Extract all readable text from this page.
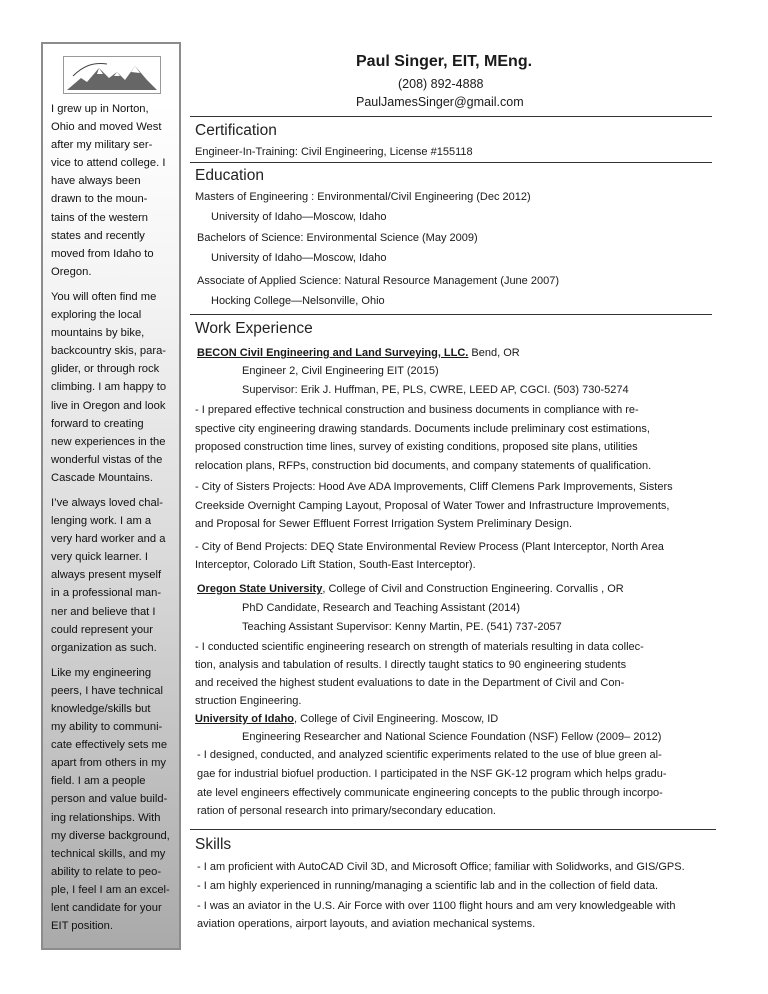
I grew up in Norton,
Ohio and moved West
after my military ser-
vice to attend college. I
have always been
drawn to the moun-
tains of the western
states and recently
moved from Idaho to
Oregon.

You will often find me
exploring the local
mountains by bike,
backcountry skis, para-
glider, or through rock
climbing. I am happy to
live in Oregon and look
forward to creating
new experiences in the
wonderful vistas of the
Cascade Mountains.

I’ve always loved chal-
lenging work. I am a
very hard worker and a
very quick learner. I
always present myself
in a professional man-
ner and believe that I
could represent your
organization as such.

Like my engineering
peers, I have technical
knowledge/skills but
my ability to communi-
cate effectively sets me
apart from others in my
field. I am a people
person and value build-
ing relationships. With
my diverse background,
technical skills, and my
ability to relate to peo-
ple, I feel I am an excel-
lent candidate for your
EIT position.

Paul Singer, EIT, MEng.
(208) 892-4888
PaulJamesSinger@gmail.com
Certification
Engineer-In-Training: Civil Engineering, License #155118
Education
Masters of Engineering : Environmental/Civil Engineering (Dec 2012)
University of Idaho—Moscow, Idaho
Bachelors of Science: Environmental Science (May 2009)
University of Idaho—Moscow, Idaho
Associate of Applied Science: Natural Resource Management (June 2007)
Hocking College—Nelsonville, Ohio
Work Experience
BECON Civil Engineering and Land Surveying, LLC. Bend, OR
Engineer 2, Civil Engineering EIT (2015)
Supervisor: Erik J. Huffman, PE, PLS, CWRE, LEED AP, CGCI. (503) 730-5274
- I prepared effective technical construction and business documents in compliance with re-
spective city engineering drawing standards. Documents include preliminary cost estimations,
proposed construction time lines, survey of existing conditions, proposed site plans, utilities
relocation plans, RFPs, construction bid documents, and company statements of qualification.
- City of Sisters Projects: Hood Ave ADA Improvements, Cliff Clemens Park Improvements, Sisters
Creekside Overnight Camping Layout, Proposal of Water Tower and Infrastructure Improvements,
and Proposal for Sewer Effluent Forrest Irrigation System Preliminary Design.
- City of Bend Projects: DEQ State Environmental Review Process (Plant Interceptor, North Area
Interceptor, Colorado Lift Station, South-East Interceptor).
Oregon State University, College of Civil and Construction Engineering. Corvallis , OR
PhD Candidate, Research and Teaching Assistant (2014)
Teaching Assistant Supervisor: Kenny Martin, PE. (541) 737-2057
- I conducted scientific engineering research on strength of materials resulting in data collec-
tion, analysis and tabulation of results. I directly taught statics to 90 engineering students
and received the highest student evaluations to date in the Department of Civil and Con-
struction Engineering.
University of Idaho, College of Civil Engineering. Moscow, ID
Engineering Researcher and National Science Foundation (NSF) Fellow (2009– 2012)
- I designed, conducted, and analyzed scientific experiments related to the use of blue green al-
gae for industrial biofuel production. I participated in the NSF GK-12 program which helps gradu-
ate level engineers effectively communicate engineering concepts to the public through incorpo-
ration of personal research into primary/secondary education.
Skills
- I am proficient with AutoCAD Civil 3D, and Microsoft Office; familiar with Solidworks, and GIS/GPS.
- I am highly experienced in running/managing a scientific lab and in the collection of field data.
- I was an aviator in the U.S. Air Force with over 1100 flight hours and am very knowledgeable with
aviation operations, airport layouts, and aviation mechanical systems.
